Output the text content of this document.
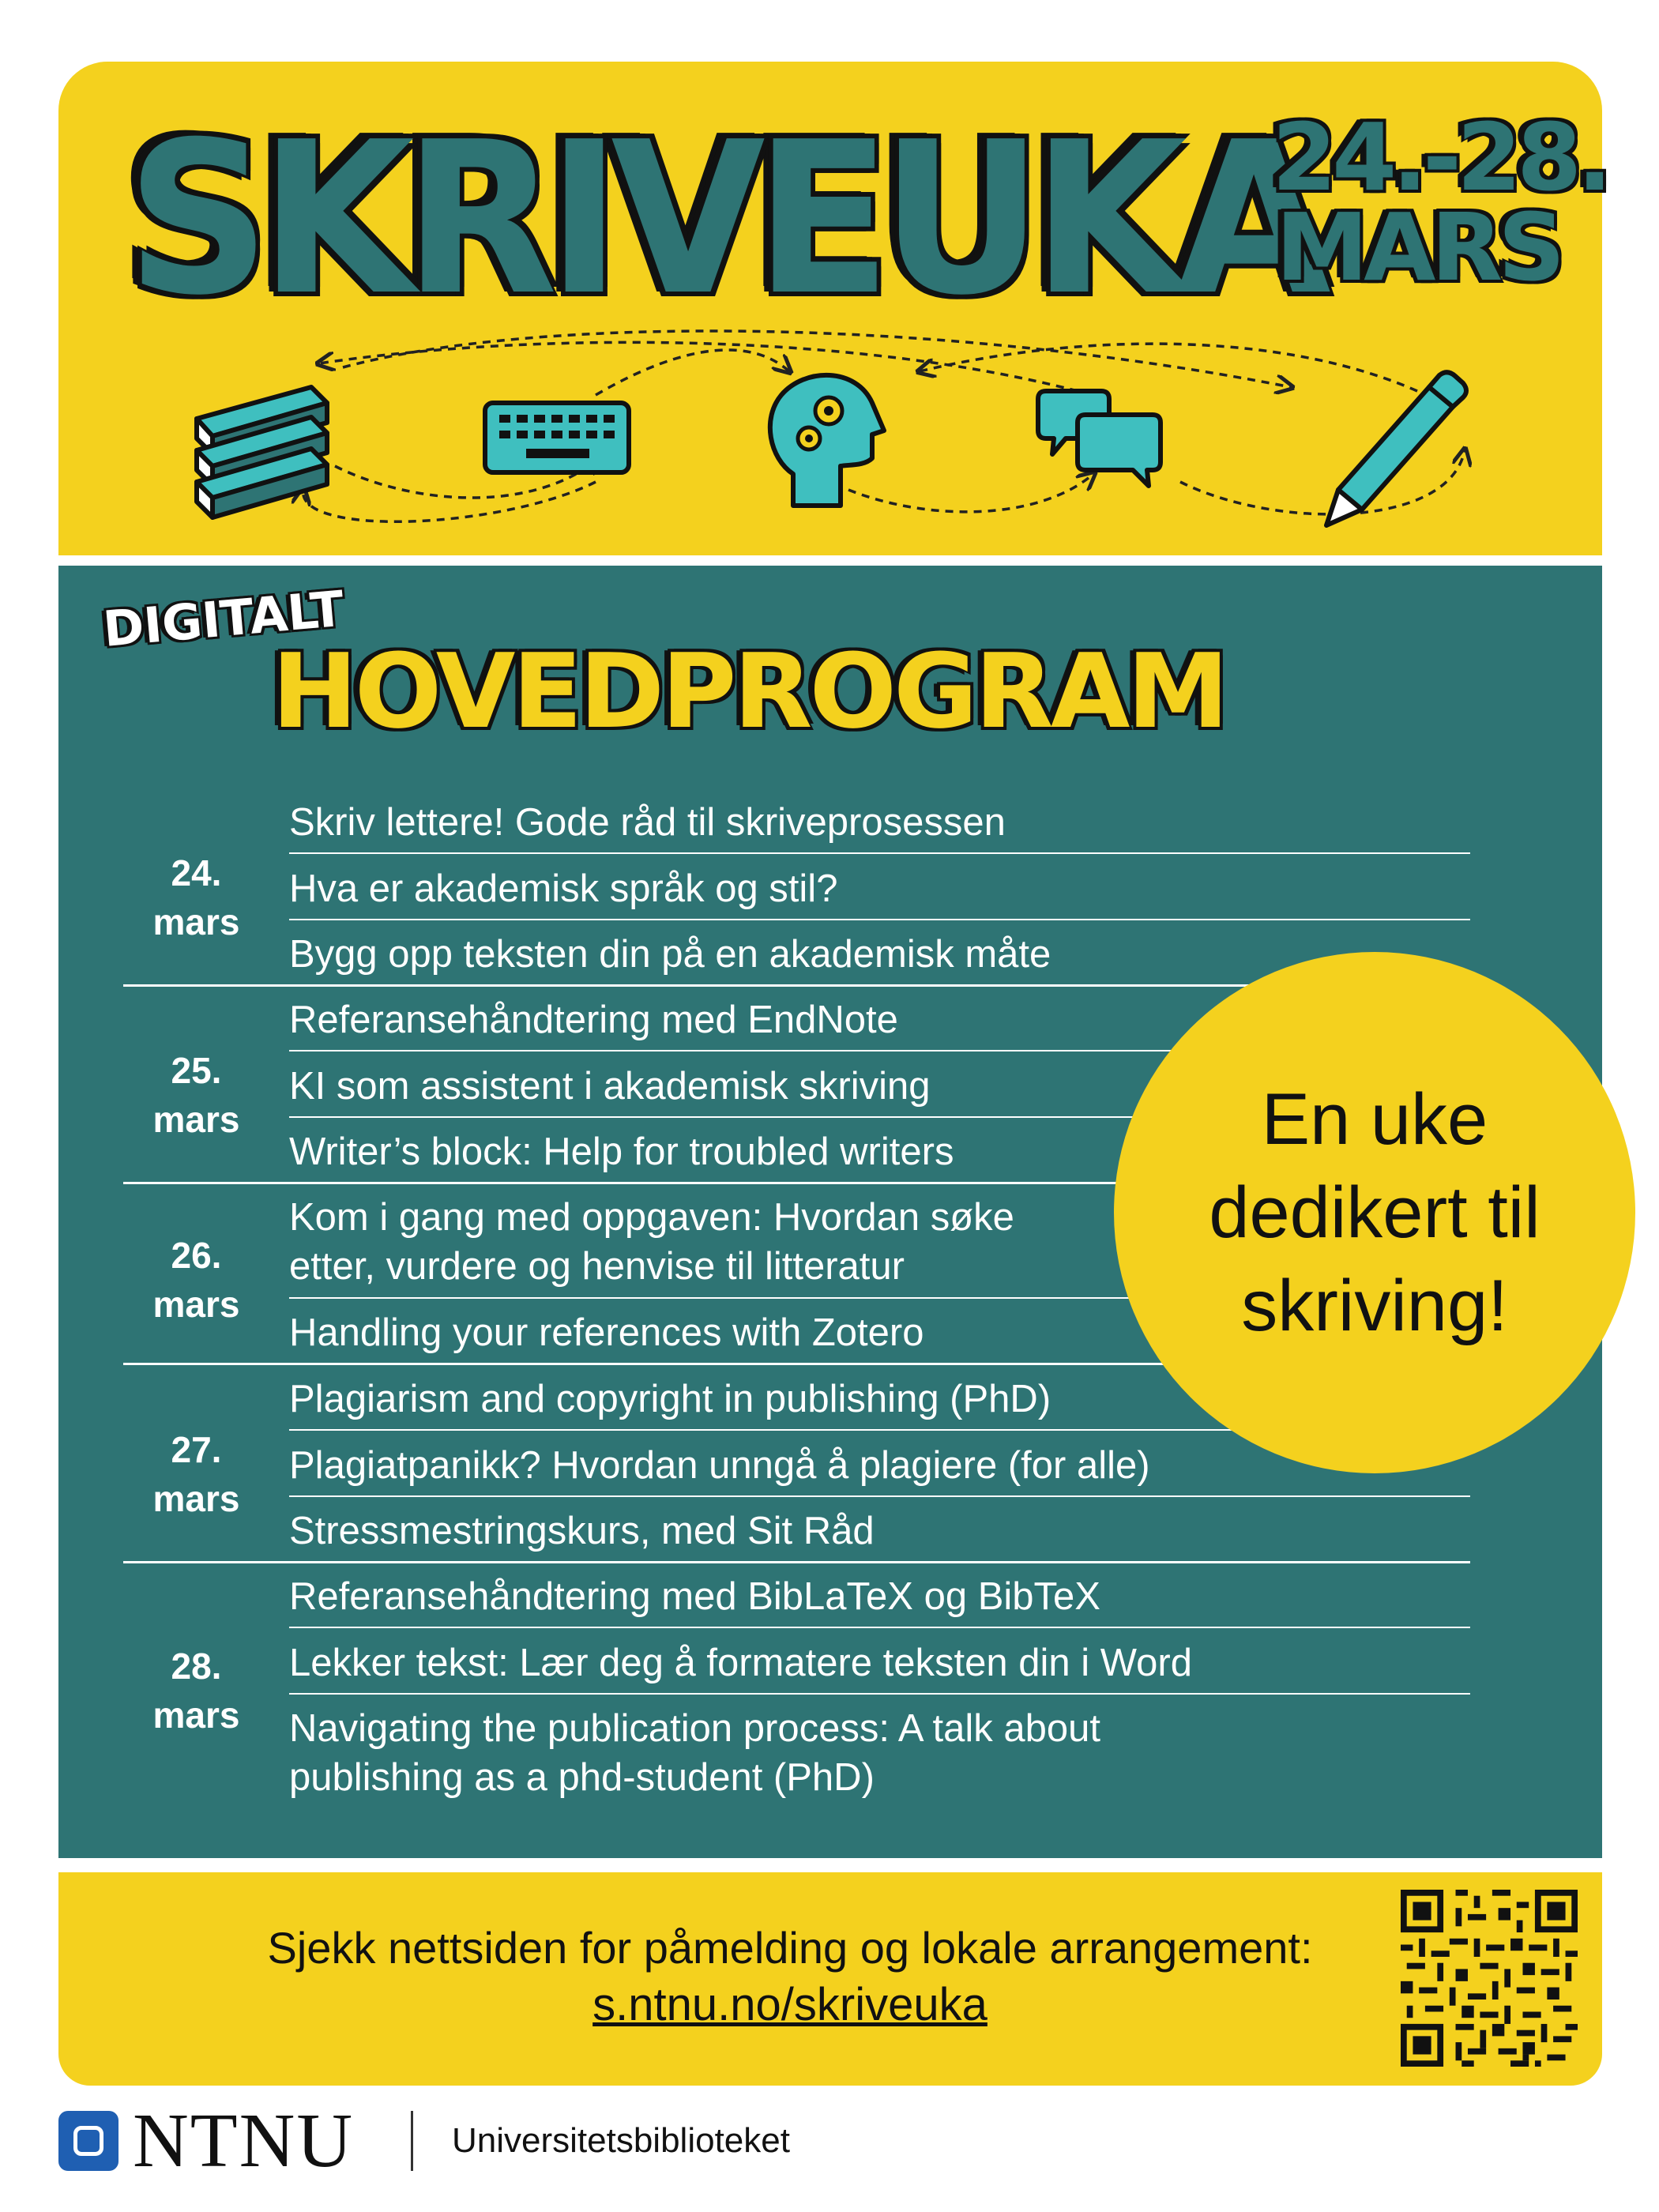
SKRIVEUKA
24.-28.
MARS
DIGITALT
HOVEDPROGRAM
24.
mars
Skriv lettere! Gode råd til skriveprosessen
Hva er akademisk språk og stil?
Bygg opp teksten din på en akademisk måte
25.
mars
Referansehåndtering med EndNote
KI som assistent i akademisk skriving
Writer’s block: Help for troubled writers
26.
mars
Kom i gang med oppgaven: Hvordan søke
etter, vurdere og henvise til litteratur
Handling your references with Zotero
27.
mars
Plagiarism and copyright in publishing (PhD)
Plagiatpanikk? Hvordan unngå å plagiere (for alle)
Stressmestringskurs, med Sit Råd
28.
mars
Referansehåndtering med BibLaTeX og BibTeX
Lekker tekst: Lær deg å formatere teksten din i Word
Navigating the publication process: A talk about
publishing as a phd-student (PhD)
En uke
dedikert til
skriving!
Sjekk nettsiden for påmelding og lokale arrangement:
s.ntnu.no/skriveuka
NTNU	Universitetsbiblioteket
